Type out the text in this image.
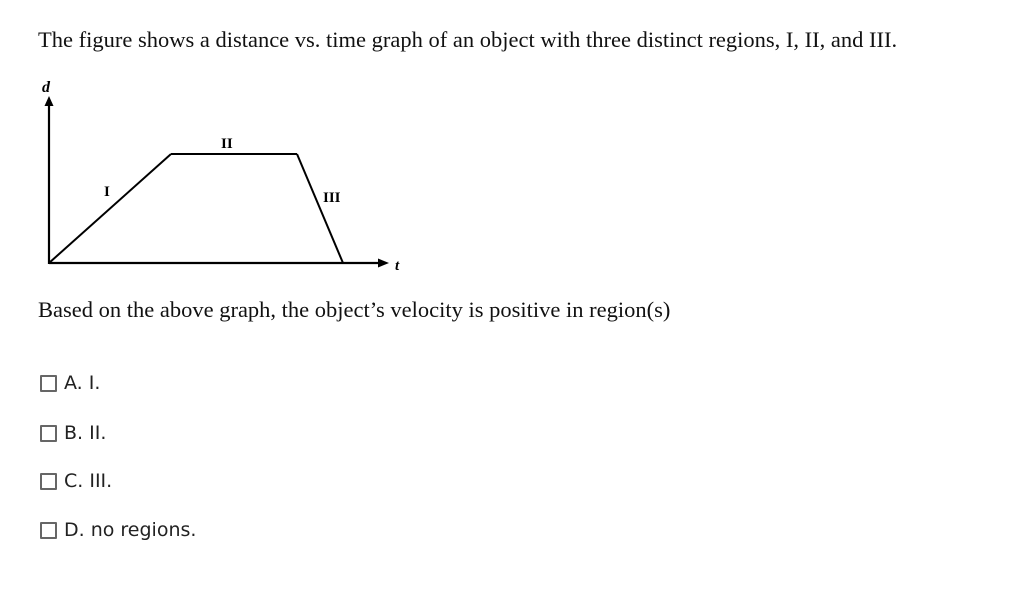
The figure shows a distance vs. time graph of an object with three distinct regions, I, II, and III.
d
t
I
II
III
Based on the above graph, the object’s velocity is positive in region(s)
A. I.
B. II.
C. III.
D. no regions.
